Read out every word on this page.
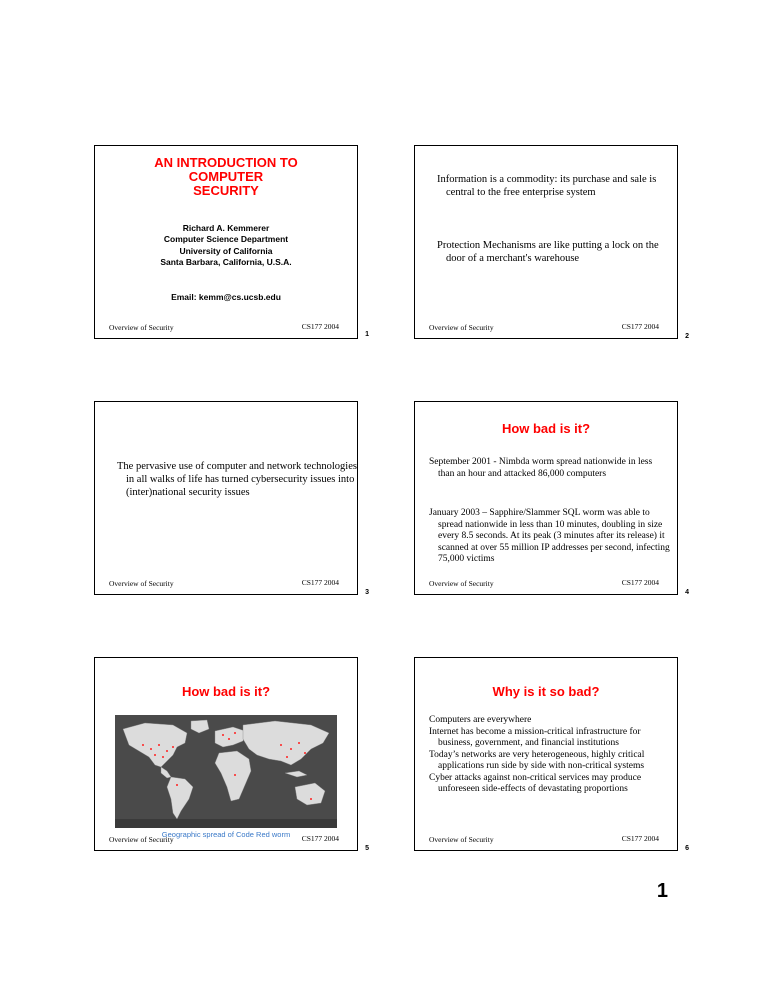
AN INTRODUCTION TO
COMPUTER
SECURITY
Richard A. Kemmerer
Computer Science Department
University of California
Santa Barbara, California, U.S.A.
Email: kemm@cs.ucsb.edu
Overview of Security	CS177 2004
1

Information is a commodity: its purchase and sale is central to the free enterprise system

Protection Mechanisms are like putting a lock on the door of a merchant's warehouse

Overview of Security	CS177 2004
2

The pervasive use of computer and network technologies in all walks of life has turned cybersecurity issues into (inter)national security issues

Overview of Security	CS177 2004
3
How bad is it?

September 2001 - Nimbda worm spread nationwide in less than an hour and attacked 86,000 computers

January 2003 – Sapphire/Slammer SQL worm was able to spread nationwide in less than 10 minutes, doubling in size every 8.5 seconds. At its peak (3 minutes after its release) it scanned at over 55 million IP addresses per second, infecting 75,000 victims

Overview of Security	CS177 2004
4
How bad is it?
Geographic spread of Code Red worm
Overview of Security	CS177 2004
5
Why is it so bad?

Computers are everywhere

Internet has become a mission-critical infrastructure for business, government, and financial institutions

Today’s networks are very heterogeneous, highly critical applications run side by side with non-critical systems

Cyber attacks against non-critical services may produce unforeseen side-effects of devastating proportions

Overview of Security	CS177 2004
6
1
